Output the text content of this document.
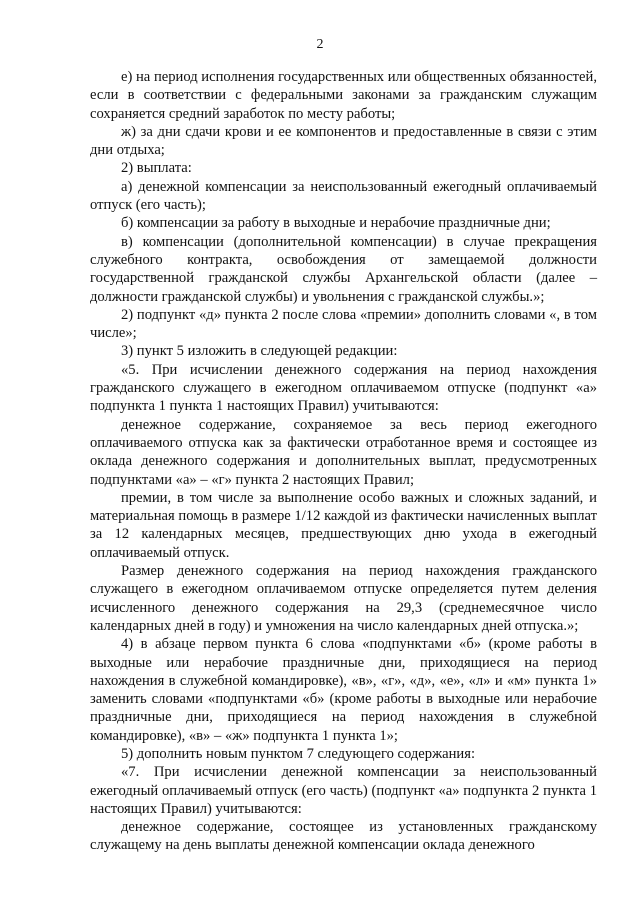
2

е) на период исполнения государственных или общественных обязанностей, если в соответствии с федеральными законами за гражданским служащим сохраняется средний заработок по месту работы;

ж) за дни сдачи крови и ее компонентов и предоставленные в связи с этим дни отдыха;

2) выплата:

а) денежной компенсации за неиспользованный ежегодный оплачиваемый отпуск (его часть);

б) компенсации за работу в выходные и нерабочие праздничные дни;

в) компенсации (дополнительной компенсации) в случае прекращения служебного контракта, освобождения от замещаемой должности государственной гражданской службы Архангельской области (далее – должности гражданской службы) и увольнения с гражданской службы.»;

2) подпункт «д» пункта 2 после слова «премии» дополнить словами «, в том числе»;

3) пункт 5 изложить в следующей редакции:

«5. При исчислении денежного содержания на период нахождения гражданского служащего в ежегодном оплачиваемом отпуске (подпункт «а» подпункта 1 пункта 1 настоящих Правил) учитываются:

денежное содержание, сохраняемое за весь период ежегодного оплачиваемого отпуска как за фактически отработанное время и состоящее из оклада денежного содержания и дополнительных выплат, предусмотренных подпунктами «а» – «г» пункта 2 настоящих Правил;

премии, в том числе за выполнение особо важных и сложных заданий, и материальная помощь в размере 1/12 каждой из фактически начисленных выплат за 12 календарных месяцев, предшествующих дню ухода в ежегодный оплачиваемый отпуск.

Размер денежного содержания на период нахождения гражданского служащего в ежегодном оплачиваемом отпуске определяется путем деления исчисленного денежного содержания на 29,3 (среднемесячное число календарных дней в году) и умножения на число календарных дней отпуска.»;

4) в абзаце первом пункта 6 слова «подпунктами «б» (кроме работы в выходные или нерабочие праздничные дни, приходящиеся на период нахождения в служебной командировке), «в», «г», «д», «е», «л» и «м» пункта 1» заменить словами «подпунктами «б» (кроме работы в выходные или нерабочие праздничные дни, приходящиеся на период нахождения в служебной командировке), «в» – «ж» подпункта 1 пункта 1»;

5) дополнить новым пунктом 7 следующего содержания:

«7. При исчислении денежной компенсации за неиспользованный ежегодный оплачиваемый отпуск (его часть) (подпункт «а» подпункта 2 пункта 1 настоящих Правил) учитываются:

денежное содержание, состоящее из установленных гражданскому служащему на день выплаты денежной компенсации оклада денежного
